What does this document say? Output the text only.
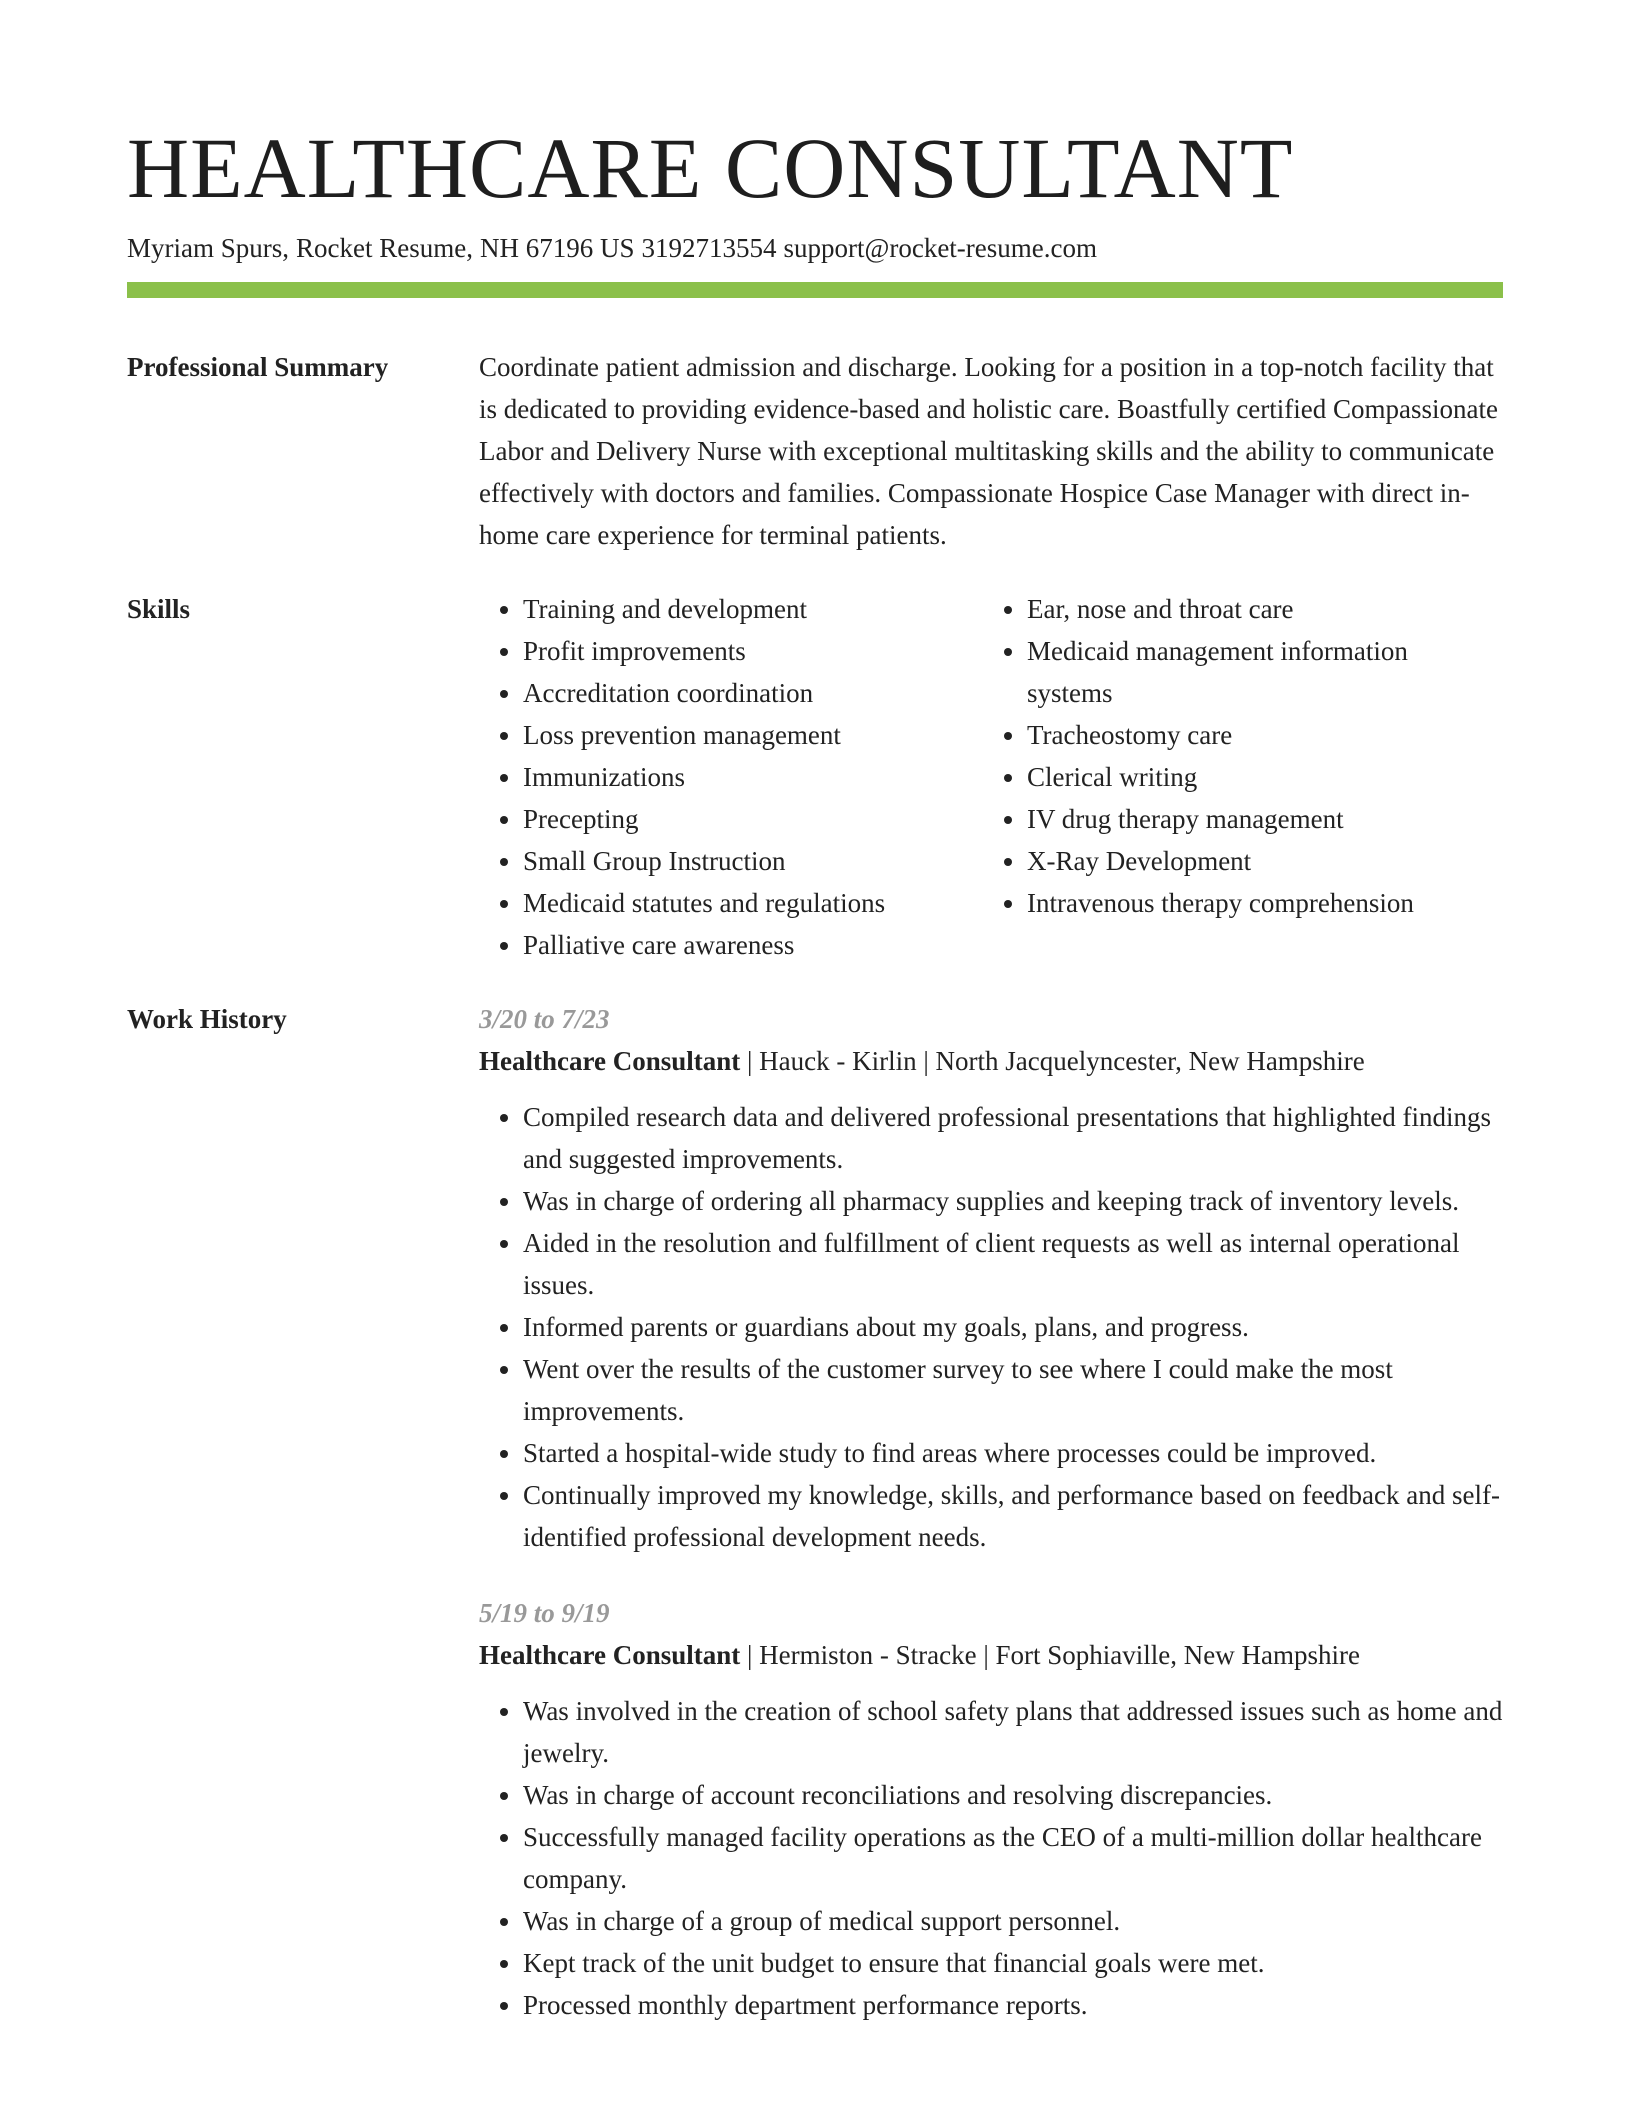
HEALTHCARE CONSULTANT
Myriam Spurs, Rocket Resume, NH 67196 US 3192713554 support@rocket-resume.com
Professional Summary	Coordinate patient admission and discharge. Looking for a position in a top-notch facility that is dedicated to providing evidence-based and holistic care. Boastfully certified Compassionate Labor and Delivery Nurse with exceptional multitasking skills and the ability to communicate effectively with doctors and families. Compassionate Hospice Case Manager with direct in-home care experience for terminal patients.

Skills
•	Training and development
• Profit improvements
• Accreditation coordination
• Loss prevention management
• Immunizations
• Precepting
• Small Group Instruction
• Medicaid statutes and regulations
• Palliative care awareness
• Ear, nose and throat care
• Medicaid management information systems
• Tracheostomy care
• Clerical writing
• IV drug therapy management
• X-Ray Development
• Intravenous therapy comprehension
Work History	3/20 to 7/23
Healthcare Consultant | Hauck - Kirlin | North Jacquelyncester, New Hampshire
• Compiled research data and delivered professional presentations that highlighted findings and suggested improvements.
• Was in charge of ordering all pharmacy supplies and keeping track of inventory levels.
• Aided in the resolution and fulfillment of client requests as well as internal operational issues.
• Informed parents or guardians about my goals, plans, and progress.
• Went over the results of the customer survey to see where I could make the most improvements.
• Started a hospital-wide study to find areas where processes could be improved.
• Continually improved my knowledge, skills, and performance based on feedback and self-identified professional development needs.
5/19 to 9/19
Healthcare Consultant | Hermiston - Stracke | Fort Sophiaville, New Hampshire
• Was involved in the creation of school safety plans that addressed issues such as home and jewelry.
• Was in charge of account reconciliations and resolving discrepancies.
• Successfully managed facility operations as the CEO of a multi-million dollar healthcare company.
• Was in charge of a group of medical support personnel.
• Kept track of the unit budget to ensure that financial goals were met.
• Processed monthly department performance reports.
